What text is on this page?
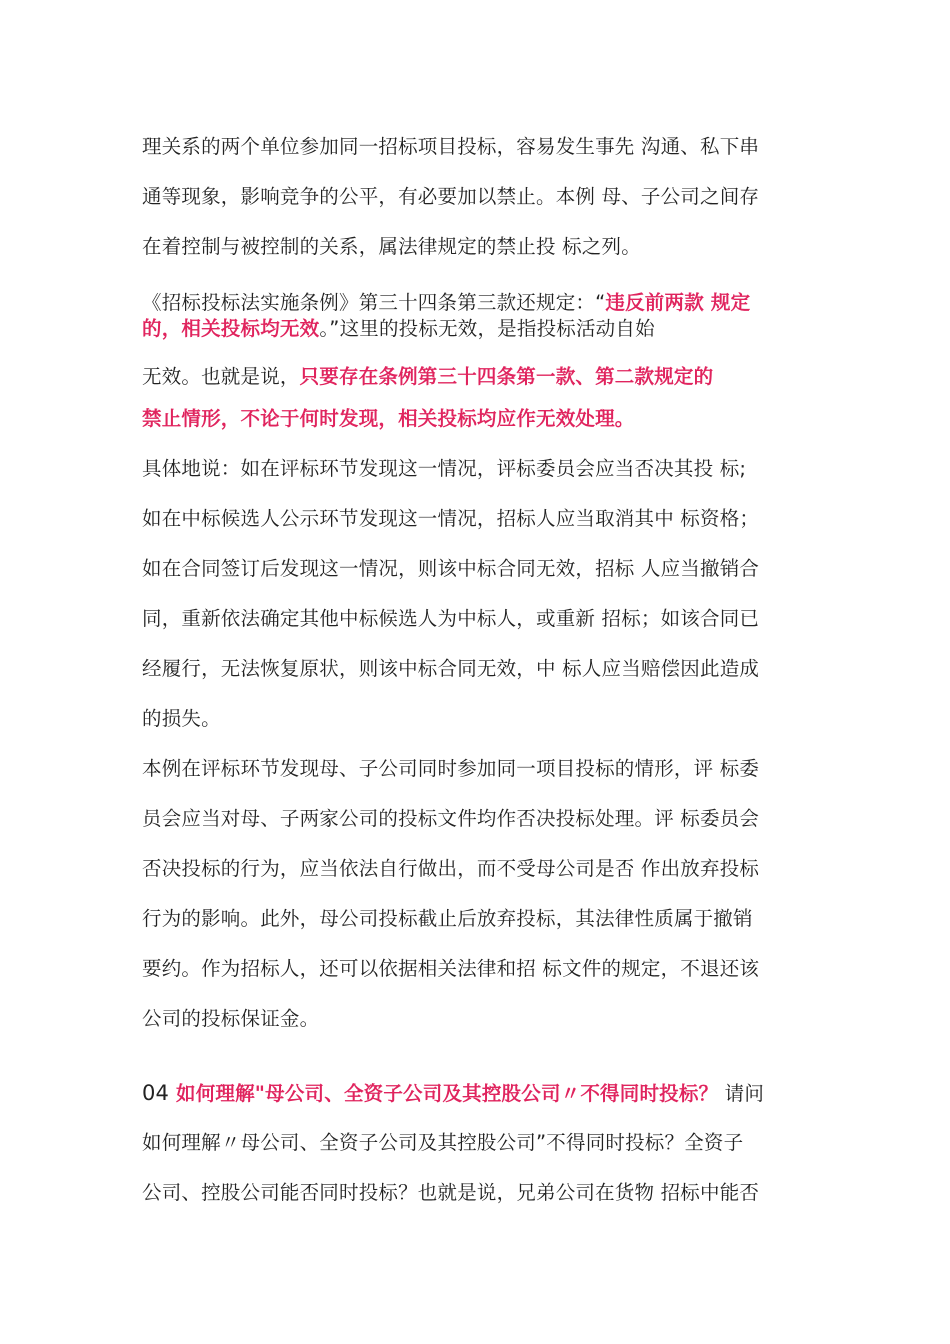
理关系的两个单位参加同一招标项目投标，容易发生事先 沟通、私下串
通等现象，影响竞争的公平，有必要加以禁止。本例 母、子公司之间存
在着控制与被控制的关系，属法律规定的禁止投 标之列。
《招标投标法实施条例》第三十四条第三款还规定：“违反前两款 规定
的，相关投标均无效。”这里的投标无效，是指投标活动自始
无效。也就是说，只要存在条例第三十四条第一款、第二款规定的
禁止情形，不论于何时发现，相关投标均应作无效处理。
具体地说：如在评标环节发现这一情况，评标委员会应当否决其投 标;
如在中标候选人公示环节发现这一情况，招标人应当取消其中 标资格；
如在合同签订后发现这一情况，则该中标合同无效，招标 人应当撤销合
同，重新依法确定其他中标候选人为中标人，或重新 招标；如该合同已
经履行，无法恢复原状，则该中标合同无效，中 标人应当赔偿因此造成
的损失。
本例在评标环节发现母、子公司同时参加同一项目投标的情形，评 标委
员会应当对母、子两家公司的投标文件均作否决投标处理。评 标委员会
否决投标的行为，应当依法自行做出，而不受母公司是否 作出放弃投标
行为的影响。此外，母公司投标截止后放弃投标，其法律性质属于撤销
要约。作为招标人，还可以依据相关法律和招 标文件的规定，不退还该
公司的投标保证金。
04 如何理解"母公司、全资子公司及其控股公司〃不得同时投标？ 请问
如何理解〃母公司、全资子公司及其控股公司”不得同时投标？全资子
公司、控股公司能否同时投标？也就是说，兄弟公司在货物 招标中能否
